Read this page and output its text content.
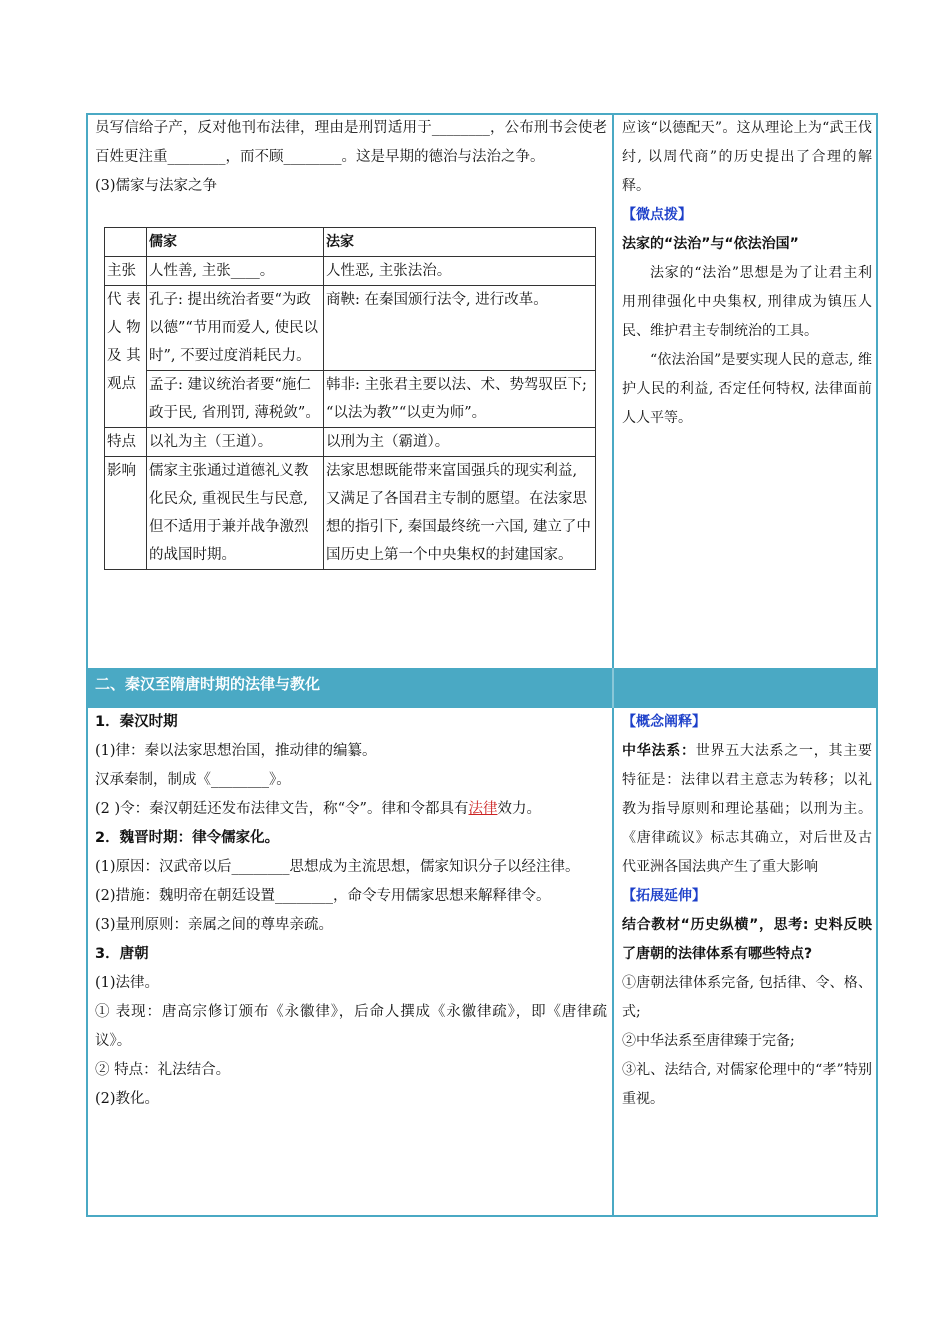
二、秦汉至隋唐时期的法律与教化

员写信给子产，反对他刊布法律，理由是刑罚适用于________，公布刑书会使老百姓更注重________，而不顾________。这是早期的德治与法治之争。

(3)儒家与法家之争

	儒家	法家
主张	人性善, 主张____。	人性恶, 主张法治。
代 表 人 物 及 其 观点	孔子: 提出统治者要“为政以德”“节用而爱人, 使民以时”, 不要过度消耗民力。	商鞅: 在秦国颁行法令, 进行改革。
	孟子: 建议统治者要“施仁政于民, 省刑罚, 薄税敛”。	韩非: 主张君主要以法、术、势驾驭臣下; “以法为教”“以吏为师”。
特点	以礼为主（王道）。	以刑为主（霸道）。
影响	儒家主张通过道德礼义教化民众, 重视民生与民意, 但不适用于兼并战争激烈的战国时期。	法家思想既能带来富国强兵的现实利益, 又满足了各国君主专制的愿望。在法家思想的指引下, 秦国最终统一六国, 建立了中国历史上第一个中央集权的封建国家。

应该“以德配天”。这从理论上为“武王伐纣, 以周代商”的历史提出了合理的解释。

【微点拨】

法家的“法治”与“依法治国”

法家的“法治”思想是为了让君主利用刑律强化中央集权, 刑律成为镇压人民、维护君主专制统治的工具。

“依法治国”是要实现人民的意志, 维护人民的利益, 否定任何特权, 法律面前人人平等。

1．秦汉时期

(1)律：秦以法家思想治国，推动律的编纂。

汉承秦制，制成《________》。

(2 )令：秦汉朝廷还发布法律文告，称“令”。律和令都具有法律效力。

2．魏晋时期：律令儒家化。

(1)原因：汉武帝以后________思想成为主流思想，儒家知识分子以经注律。

(2)措施：魏明帝在朝廷设置________，命令专用儒家思想来解释律令。

(3)量刑原则：亲属之间的尊卑亲疏。

3．唐朝

(1)法律。

① 表现：唐高宗修订颁布《永徽律》，后命人撰成《永徽律疏》，即《唐律疏议》。

② 特点：礼法结合。

(2)教化。

【概念阐释】

中华法系：世界五大法系之一，其主要特征是：法律以君主意志为转移；以礼教为指导原则和理论基础；以刑为主。《唐律疏议》标志其确立，对后世及古代亚洲各国法典产生了重大影响

【拓展延伸】

结合教材“历史纵横”，思考: 史料反映了唐朝的法律体系有哪些特点?

①唐朝法律体系完备, 包括律、令、格、式;

②中华法系至唐律臻于完备;

③礼、法结合, 对儒家伦理中的“孝”特别重视。
